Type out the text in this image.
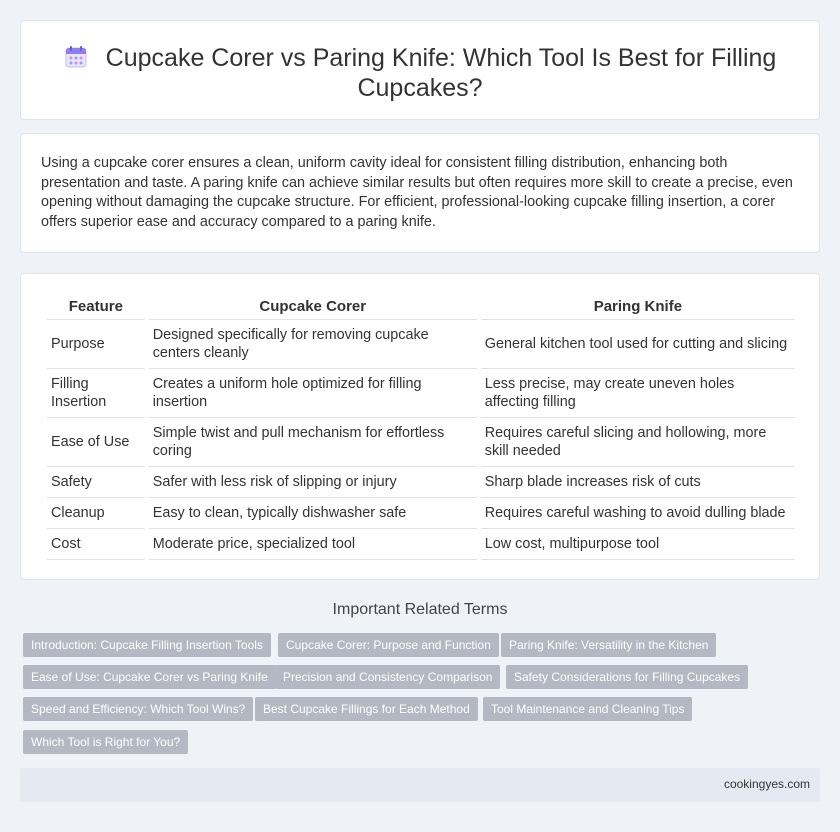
Cupcake Corer vs Paring Knife: Which Tool Is Best for Filling Cupcakes?

Using a cupcake corer ensures a clean, uniform cavity ideal for consistent filling distribution, enhancing both presentation and taste. A paring knife can achieve similar results but often requires more skill to create a precise, even opening without damaging the cupcake structure. For efficient, professional-looking cupcake filling insertion, a corer offers superior ease and accuracy compared to a paring knife.

Feature	Cupcake Corer	Paring Knife
Purpose	Designed specifically for removing cupcake centers cleanly	General kitchen tool used for cutting and slicing
Filling Insertion	Creates a uniform hole optimized for filling insertion	Less precise, may create uneven holes affecting filling
Ease of Use	Simple twist and pull mechanism for effortless coring	Requires careful slicing and hollowing, more skill needed
Safety	Safer with less risk of slipping or injury	Sharp blade increases risk of cuts
Cleanup	Easy to clean, typically dishwasher safe	Requires careful washing to avoid dulling blade
Cost	Moderate price, specialized tool	Low cost, multipurpose tool
Important Related Terms
Introduction: Cupcake Filling Insertion Tools	Cupcake Corer: Purpose and Function	Paring Knife: Versatility in the Kitchen
Ease of Use: Cupcake Corer vs Paring Knife	Precision and Consistency Comparison	Safety Considerations for Filling Cupcakes
Speed and Efficiency: Which Tool Wins?	Best Cupcake Fillings for Each Method	Tool Maintenance and Cleaning Tips
Which Tool is Right for You?
cookingyes.com
